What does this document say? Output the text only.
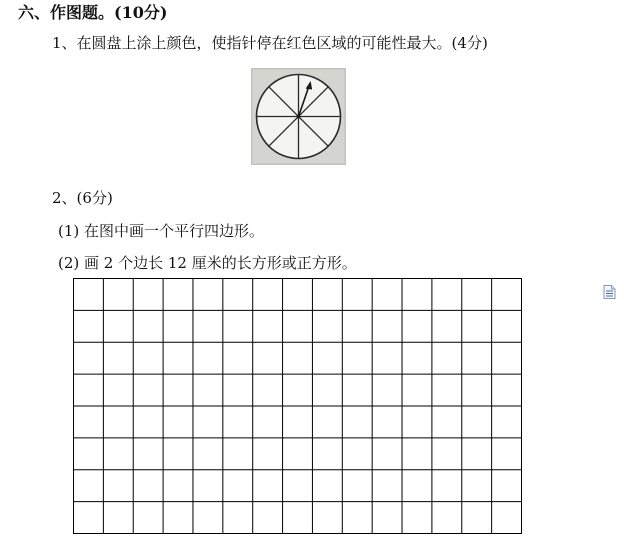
六、作图题。(10分)
1、在圆盘上涂上颜色，使指针停在红色区域的可能性最大。(4分)
2、(6分)
(1) 在图中画一个平行四边形。
(2) 画 2 个边长 12 厘米的长方形或正方形。
